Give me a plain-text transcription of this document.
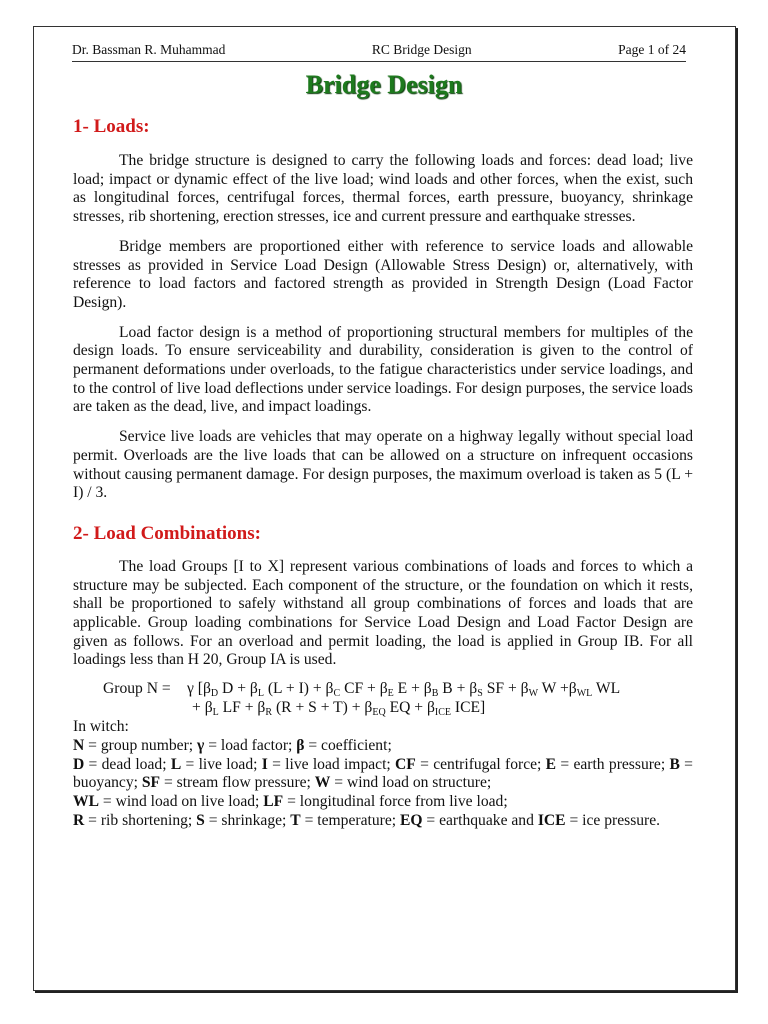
Dr. Bassman R. Muhammad	RC Bridge Design	Page 1 of 24
Bridge Design
1- Loads:

The bridge structure is designed to carry the following loads and forces: dead load; live load; impact or dynamic effect of the live load; wind loads and other forces, when the exist, such as longitudinal forces, centrifugal forces, thermal forces, earth pressure, buoyancy, shrinkage stresses, rib shortening, erection stresses, ice and current pressure and earthquake stresses.

Bridge members are proportioned either with reference to service loads and allowable stresses as provided in Service Load Design (Allowable Stress Design) or, alternatively, with reference to load factors and factored strength as provided in Strength Design (Load Factor Design).

Load factor design is a method of proportioning structural members for multiples of the design loads. To ensure serviceability and durability, consideration is given to the control of permanent deformations under overloads, to the fatigue characteristics under service loadings, and to the control of live load deflections under service loadings. For design purposes, the service loads are taken as the dead, live, and impact loadings.

Service live loads are vehicles that may operate on a highway legally without special load permit. Overloads are the live loads that can be allowed on a structure on infrequent occasions without causing permanent damage. For design purposes, the maximum overload is taken as 5 (L + I) / 3.

2- Load Combinations:

The load Groups [I to X] represent various combinations of loads and forces to which a structure may be subjected. Each component of the structure, or the foundation on which it rests, shall be proportioned to safely withstand all group combinations of forces and loads that are applicable. Group loading combinations for Service Load Design and Load Factor Design are given as follows. For an overload and permit loading, the load is applied in Group IB. For all loadings less than H 20, Group IA is used.

Group N = γ [$\beta_D$ $D + \beta_L$ $(L + I) + \beta_C$ CF + $\beta_E$ $E + \beta_B$ $B + \beta_S$ SF + $\beta_W$ $W +\beta_{WL}$ WL
+ $\beta_L$ LF + $\beta_R$ $(R + S + T) + \beta_{EQ}$ EQ + $\beta_{ICE}$ ICE]

In witch:

N = group number; γ = load factor; β = coefficient;

D = dead load; L = live load; I = live load impact; CF = centrifugal force; E = earth pressure; B = buoyancy; SF = stream flow pressure; W = wind load on structure;

WL = wind load on live load; LF = longitudinal force from live load;

R = rib shortening; S = shrinkage; T = temperature; EQ = earthquake and ICE = ice pressure.
